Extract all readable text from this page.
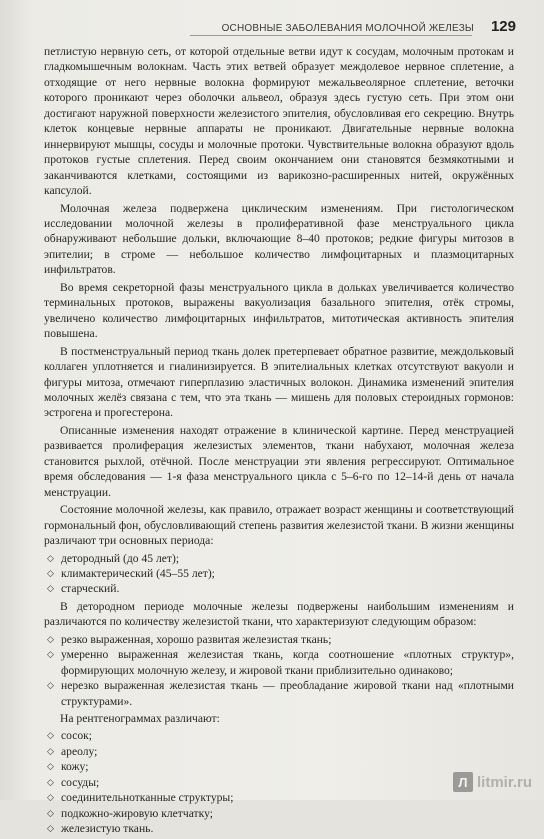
ОСНОВНЫЕ ЗАБОЛЕВАНИЯ МОЛОЧНОЙ ЖЕЛЕЗЫ 129

петлистую нервную сеть, от которой отдельные ветви идут к сосудам, молочным протокам и гладкомышечным волокнам. Часть этих ветвей образует междолевое нервное сплетение, а отходящие от него нервные волокна формируют межальвеолярное сплетение, веточки которого проникают через оболочки альвеол, образуя здесь густую сеть. При этом они достигают наружной поверхности железистого эпителия, обусловливая его секрецию. Внутрь клеток концевые нервные аппараты не проникают. Двигательные нервные волокна иннервируют мышцы, сосуды и молочные протоки. Чувствительные волокна образуют вдоль протоков густые сплетения. Перед своим окончанием они становятся безмякотными и заканчиваются клетками, состоящими из варикозно-расширенных нитей, окружённых капсулой.

Молочная железа подвержена циклическим изменениям. При гистологическом исследовании молочной железы в пролиферативной фазе менструального цикла обнаруживают небольшие дольки, включающие 8–40 протоков; редкие фигуры митозов в эпителии; в строме — небольшое количество лимфоцитарных и плазмоцитарных инфильтратов.

Во время секреторной фазы менструального цикла в дольках увеличивается количество терминальных протоков, выражены вакуолизация базального эпителия, отёк стромы, увеличено количество лимфоцитарных инфильтратов, митотическая активность эпителия повышена.

В постменструальный период ткань долек претерпевает обратное развитие, междольковый коллаген уплотняется и гиалинизируется. В эпителиальных клетках отсутствуют вакуоли и фигуры митоза, отмечают гиперплазию эластичных волокон. Динамика изменений эпителия молочных желёз связана с тем, что эта ткань — мишень для половых стероидных гормонов: эстрогена и прогестерона.

Описанные изменения находят отражение в клинической картине. Перед менструацией развивается пролиферация железистых элементов, ткани набухают, молочная железа становится рыхлой, отёчной. После менструации эти явления регрессируют. Оптимальное время обследования — 1-я фаза менструального цикла с 5–6-го по 12–14-й день от начала менструации.

Состояние молочной железы, как правило, отражает возраст женщины и соответствующий гормональный фон, обусловливающий степень развития железистой ткани. В жизни женщины различают три основных периода:

◇ детородный (до 45 лет);
◇ климактерический (45–55 лет);
◇ старческий.

В детородном периоде молочные железы подвержены наибольшим изменениям и различаются по количеству железистой ткани, что характеризуют следующим образом:

◇ резко выраженная, хорошо развитая железистая ткань;
◇ умеренно выраженная железистая ткань, когда соотношение «плотных структур», формирующих молочную железу, и жировой ткани приблизительно одинаково;
◇ нерезко выраженная железистая ткань — преобладание жировой ткани над «плотными структурами».

На рентгенограммах различают:

◇ сосок;
◇ ареолу;
◇ кожу;
◇ сосуды;
◇ соединительнотканные структуры;
◇ подкожно-жировую клетчатку;
◇ железистую ткань.
Л litmir.ru
